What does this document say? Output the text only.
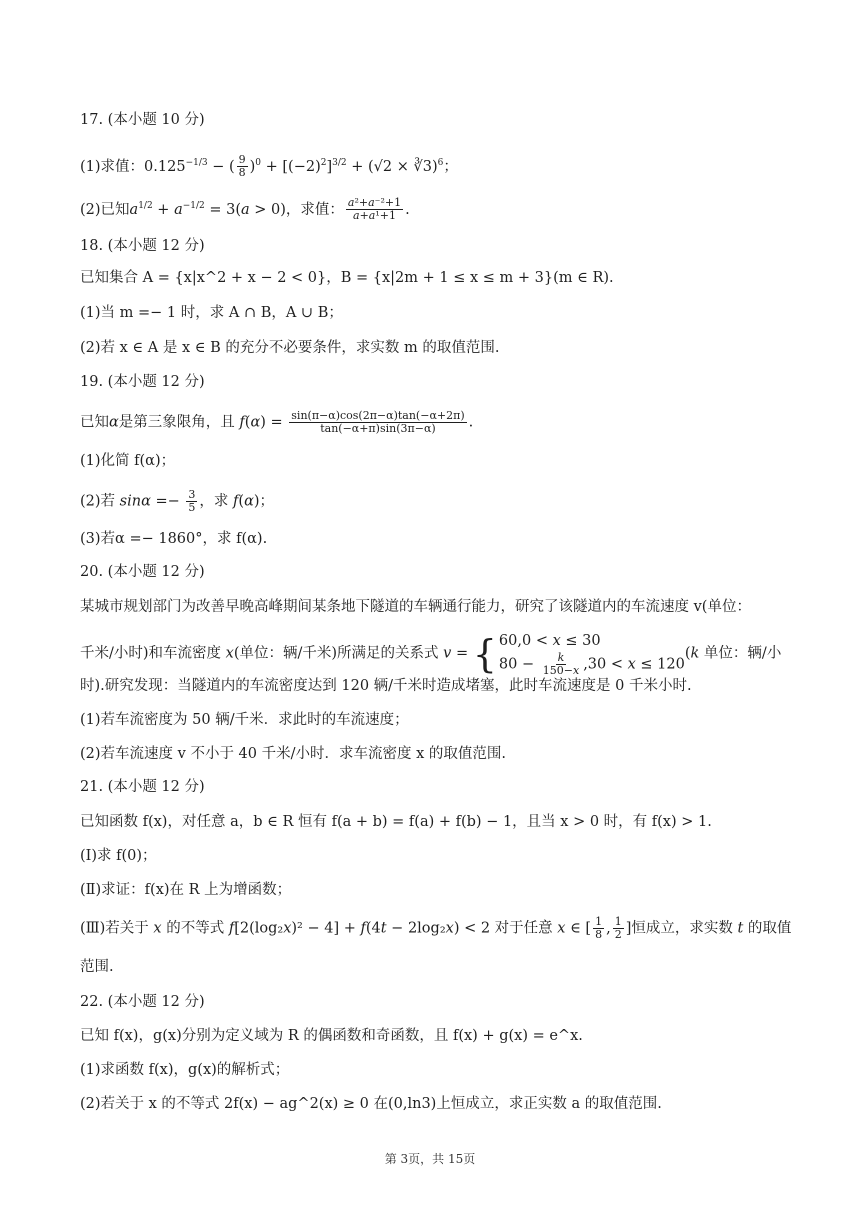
17. (本小题 10 分)
(1)求值：$0.125^{-1/3}$ − ( $\frac{9}{8} )^0 + [(-2)^2]^{3/2} + (√2$ × ∛3)$^6$；
(2)已知$a^{1/2} + a^{-1/2} = 3(a > 0)$，求值： $\frac{\text{a²+a⁻²+1}}{\text{a+a¹+1}}$ .
18. (本小题 12 分)
已知集合 A = {x|x^2 + x − 2 < 0}，B = {x|2m + 1 ≤ x ≤ m + 3}(m ∈ R).
(1)当 m =− 1 时，求 A ∩ B，A ∪ B；
(2)若 x ∈ A 是 x ∈ B 的充分不必要条件，求实数 m 的取值范围.
19. (本小题 12 分)
已知α是第三象限角，且 $f(\alpha) = \frac{\sin(\pi-\alpha)\cos(2\pi-\alpha)\tan(-\alpha+2\pi)}{\tan(-\alpha+\pi)\sin(3\pi-\alpha)}$ .
(1)化简 f(α)；
(2)若 $\sin\alpha =- \frac{3}{5}$ ，求 f(α)；
(3)若α =− 1860°，求 f(α).
20. (本小题 12 分)
某城市规划部门为改善早晚高峰期间某条地下隧道的车辆通行能力，研究了该隧道内的车流速度 v(单位：
千米/小时)和车流密度 x(单位：辆/千米)所满足的关系式 v = { 60,0 < x ≤ 30
$80 - \frac{k}{150-x} ,30 < x \le 120$
(k 单位：辆/小
时).研究发现：当隧道内的车流密度达到 120 辆/千米时造成堵塞，此时车流速度是 0 千米小时.
(1)若车流密度为 50 辆/千米．求此时的车流速度；
(2)若车流速度 v 不小于 40 千米/小时．求车流密度 x 的取值范围.
21. (本小题 12 分)
已知函数 f(x)，对任意 a，b ∈ R 恒有 f(a + b) = f(a) + f(b) − 1，且当 x > 0 时，有 f(x) > 1.
(Ⅰ)求 f(0)；
(Ⅱ)求证：f(x)在 R 上为增函数；
(Ⅲ)若关于 x 的不等式 f[2(log₂x)² − 4] + f(4t − 2log₂x) < 2 对于任意 x ∈ [ $\frac{1}{8}$ , $\frac{1}{2}$ ]恒成立，求实数 t 的取值
范围.
22. (本小题 12 分)
已知 f(x)，g(x)分别为定义域为 R 的偶函数和奇函数，且 f(x) + g(x) = e^x.
(1)求函数 f(x)，g(x)的解析式；
(2)若关于 x 的不等式 2f(x) − ag^2(x) ≥ 0 在(0,ln3)上恒成立，求正实数 a 的取值范围.
第 3页，共 15页
